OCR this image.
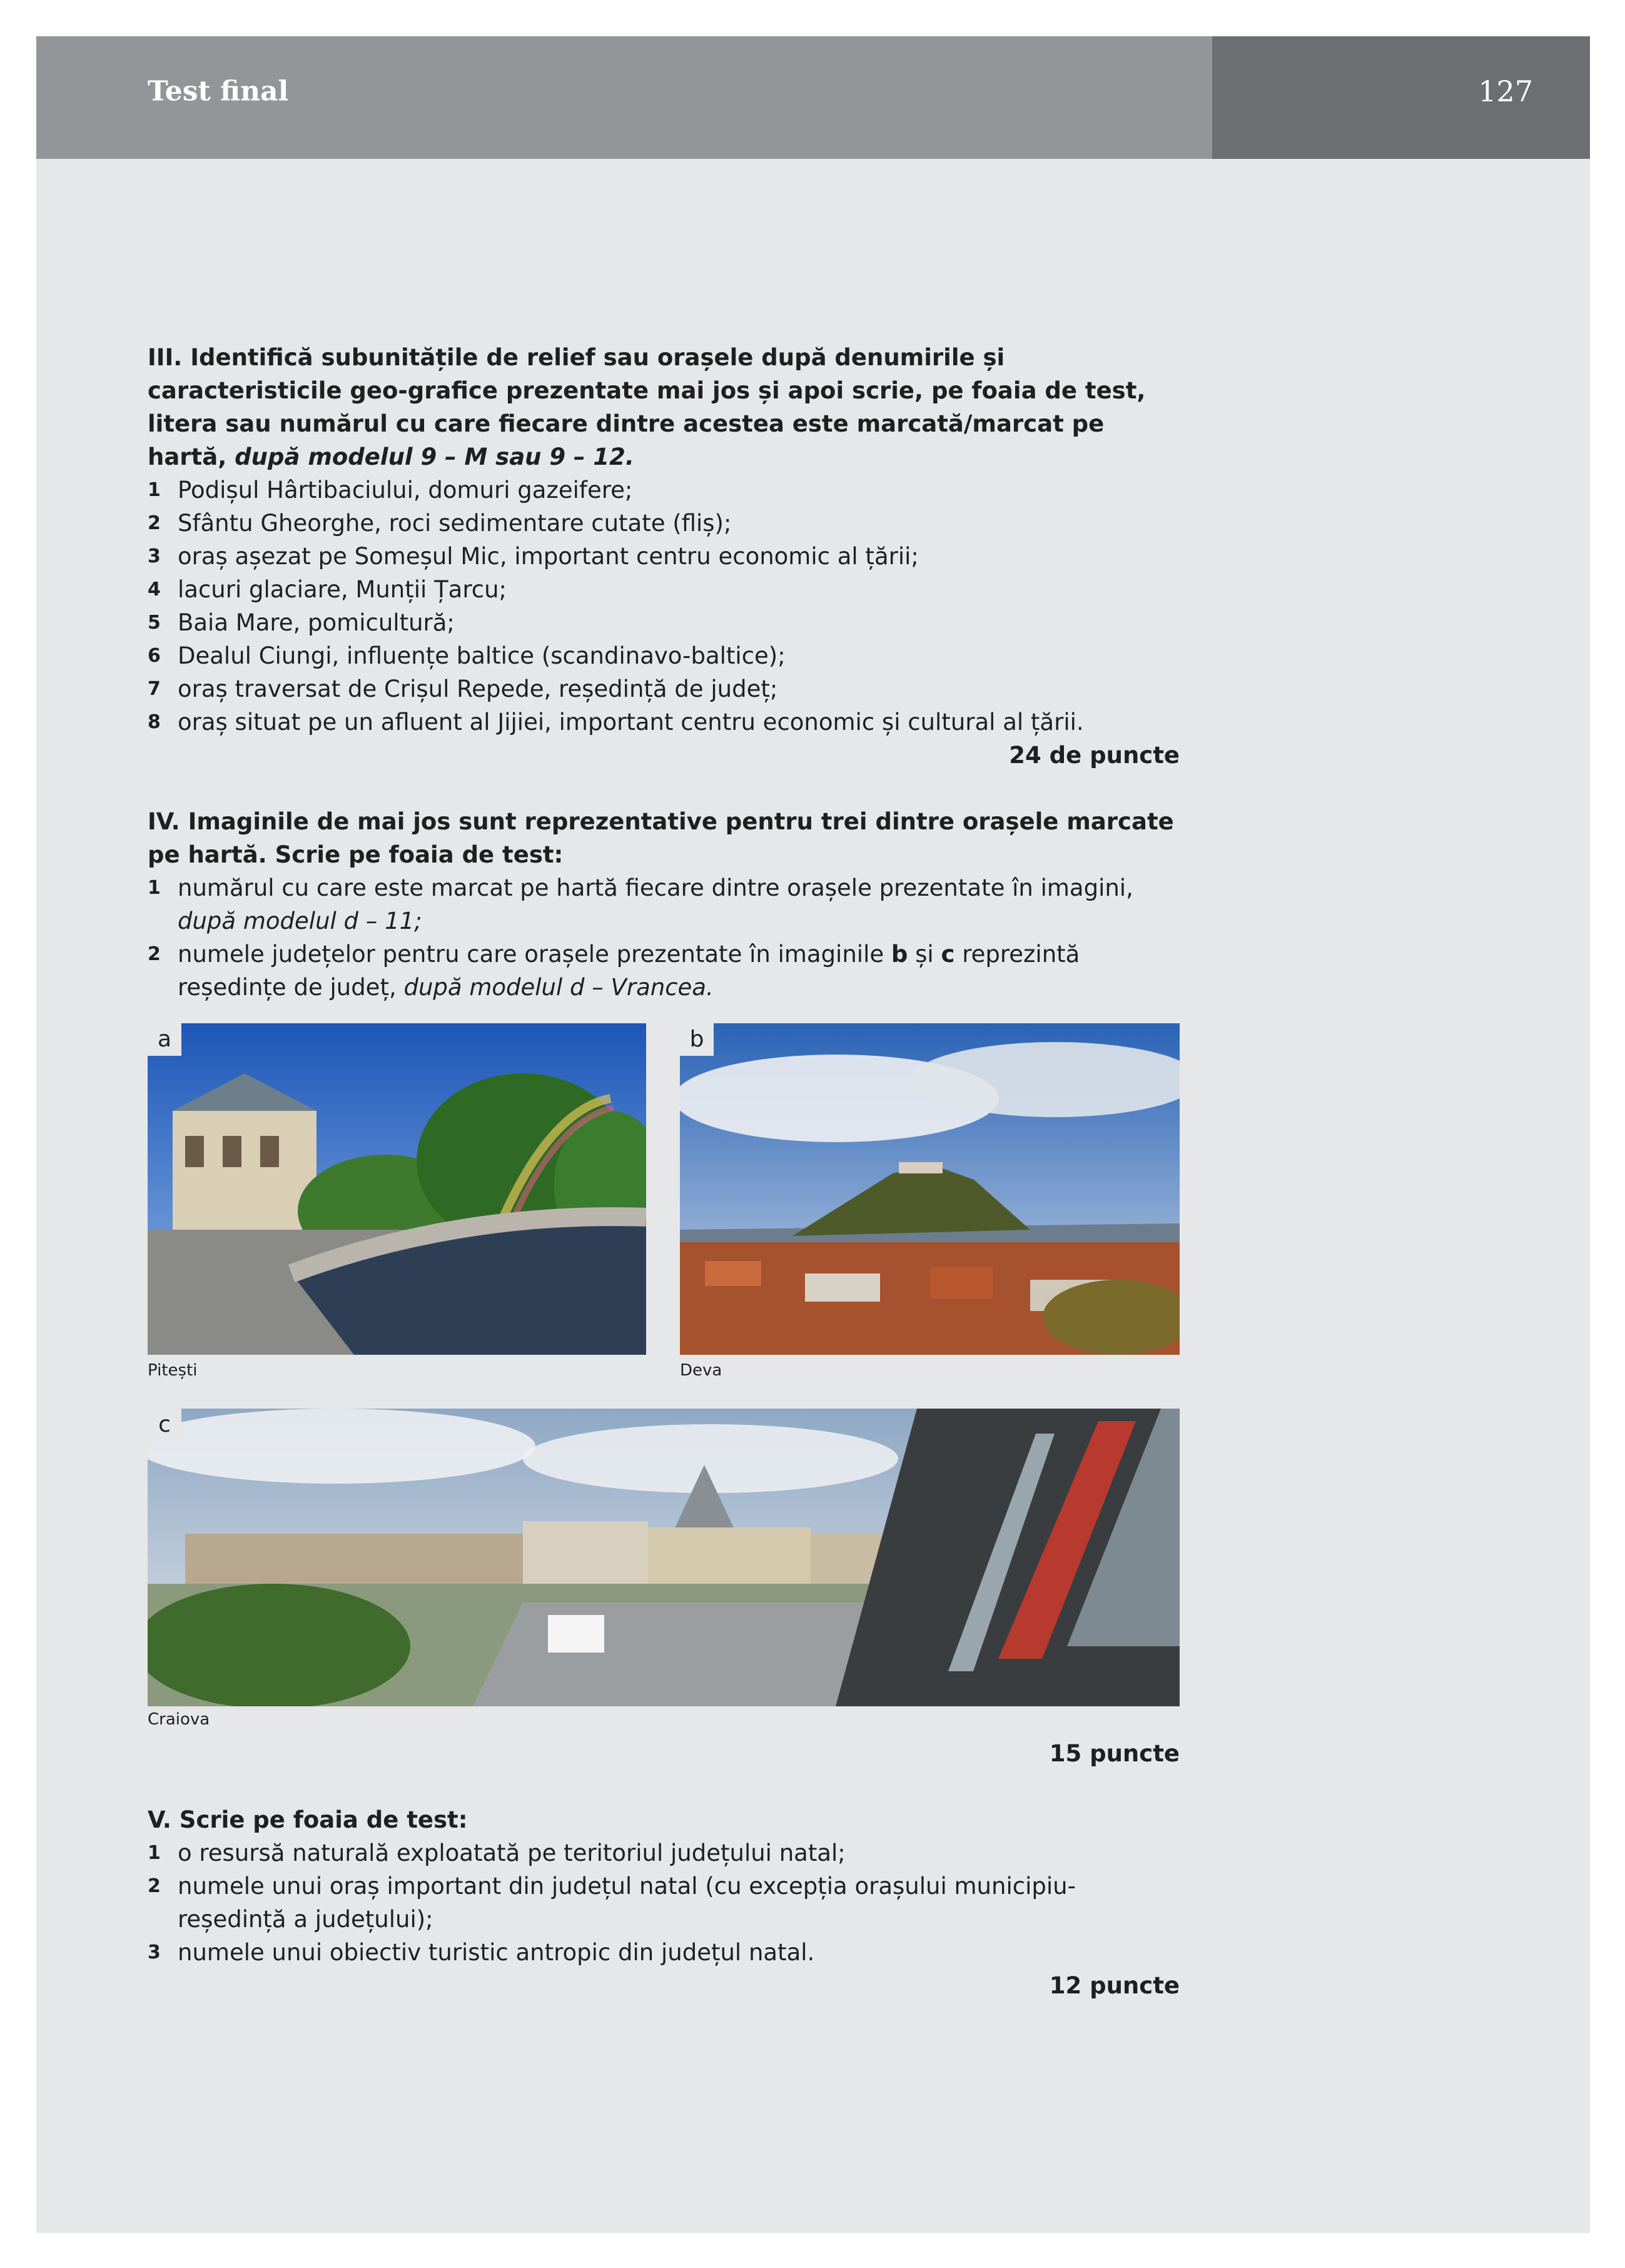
Test final	127

III. Identifică subunitățile de relief sau orașele după denumirile și caracteristicile geo-grafice prezentate mai jos și apoi scrie, pe foaia de test, litera sau numărul cu care fiecare dintre acestea este marcată/marcat pe hartă, după modelul 9 – M sau 9 – 12.

1 Podișul Hârtibaciului, domuri gazeifere;
2 Sfântu Gheorghe, roci sedimentare cutate (fliș);
3 oraș așezat pe Someșul Mic, important centru economic al țării;
4 lacuri glaciare, Munții Țarcu;
5 Baia Mare, pomicultură;
6 Dealul Ciungi, influențe baltice (scandinavo-baltice);
7 oraș traversat de Crișul Repede, reședință de județ;
8 oraș situat pe un afluent al Jijiei, important centru economic și cultural al țării.

24 de puncte

IV. Imaginile de mai jos sunt reprezentative pentru trei dintre orașele marcate pe hartă. Scrie pe foaia de test:

1 numărul cu care este marcat pe hartă fiecare dintre orașele prezentate în imagini, după modelul d – 11;
2 numele județelor pentru care orașele prezentate în imaginile b și c reprezintă reședințe de județ, după modelul d – Vrancea.
a
Pitești
b
Deva
c
Craiova

15 puncte

V. Scrie pe foaia de test:

1 o resursă naturală exploatată pe teritoriul județului natal;
2 numele unui oraș important din județul natal (cu excepția orașului municipiu-reședință a județului);
3 numele unui obiectiv turistic antropic din județul natal.

12 puncte
